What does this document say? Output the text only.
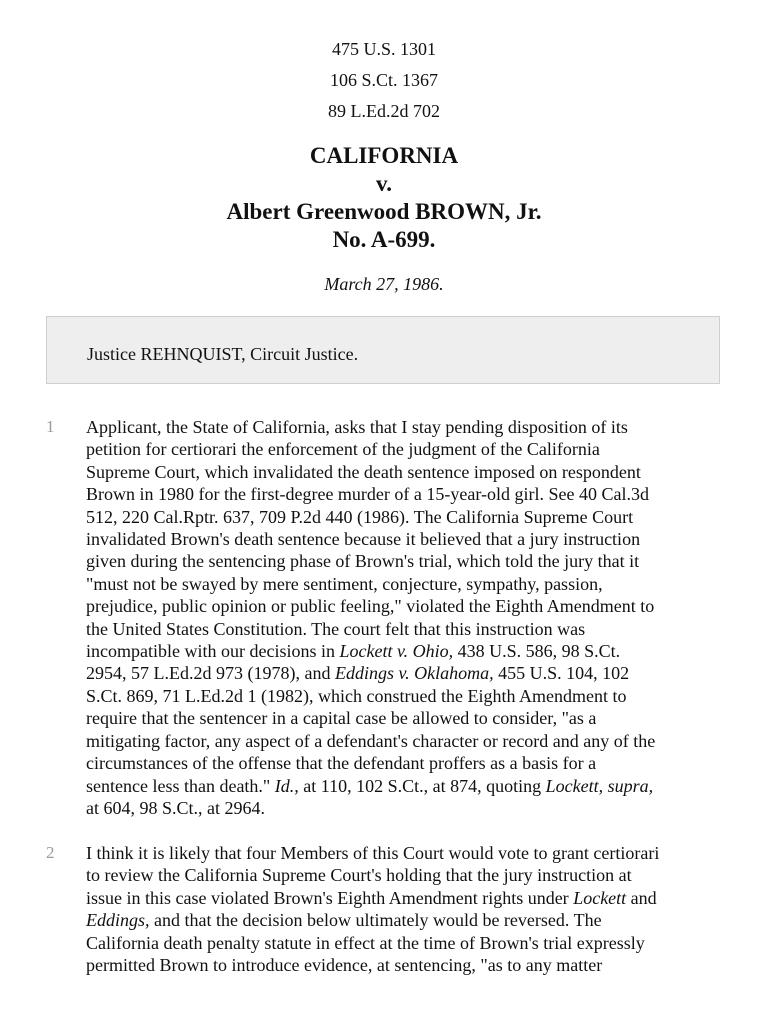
475 U.S. 1301
106 S.Ct. 1367
89 L.Ed.2d 702
CALIFORNIA
v.
Albert Greenwood BROWN, Jr.
No. A-699.
March 27, 1986.
Justice REHNQUIST, Circuit Justice.
1 Applicant, the State of California, asks that I stay pending disposition of its
petition for certiorari the enforcement of the judgment of the California
Supreme Court, which invalidated the death sentence imposed on respondent
Brown in 1980 for the first-degree murder of a 15-year-old girl. See 40 Cal.3d
512, 220 Cal.Rptr. 637, 709 P.2d 440 (1986). The California Supreme Court
invalidated Brown's death sentence because it believed that a jury instruction
given during the sentencing phase of Brown's trial, which told the jury that it
"must not be swayed by mere sentiment, conjecture, sympathy, passion,
prejudice, public opinion or public feeling," violated the Eighth Amendment to
the United States Constitution. The court felt that this instruction was
incompatible with our decisions in Lockett v. Ohio, 438 U.S. 586, 98 S.Ct.
2954, 57 L.Ed.2d 973 (1978), and Eddings v. Oklahoma, 455 U.S. 104, 102
S.Ct. 869, 71 L.Ed.2d 1 (1982), which construed the Eighth Amendment to
require that the sentencer in a capital case be allowed to consider, "as a
mitigating factor, any aspect of a defendant's character or record and any of the
circumstances of the offense that the defendant proffers as a basis for a
sentence less than death." Id., at 110, 102 S.Ct., at 874, quoting Lockett, supra,
at 604, 98 S.Ct., at 2964.
2 I think it is likely that four Members of this Court would vote to grant certiorari
to review the California Supreme Court's holding that the jury instruction at
issue in this case violated Brown's Eighth Amendment rights under Lockett and
Eddings, and that the decision below ultimately would be reversed. The
California death penalty statute in effect at the time of Brown's trial expressly
permitted Brown to introduce evidence, at sentencing, "as to any matter
